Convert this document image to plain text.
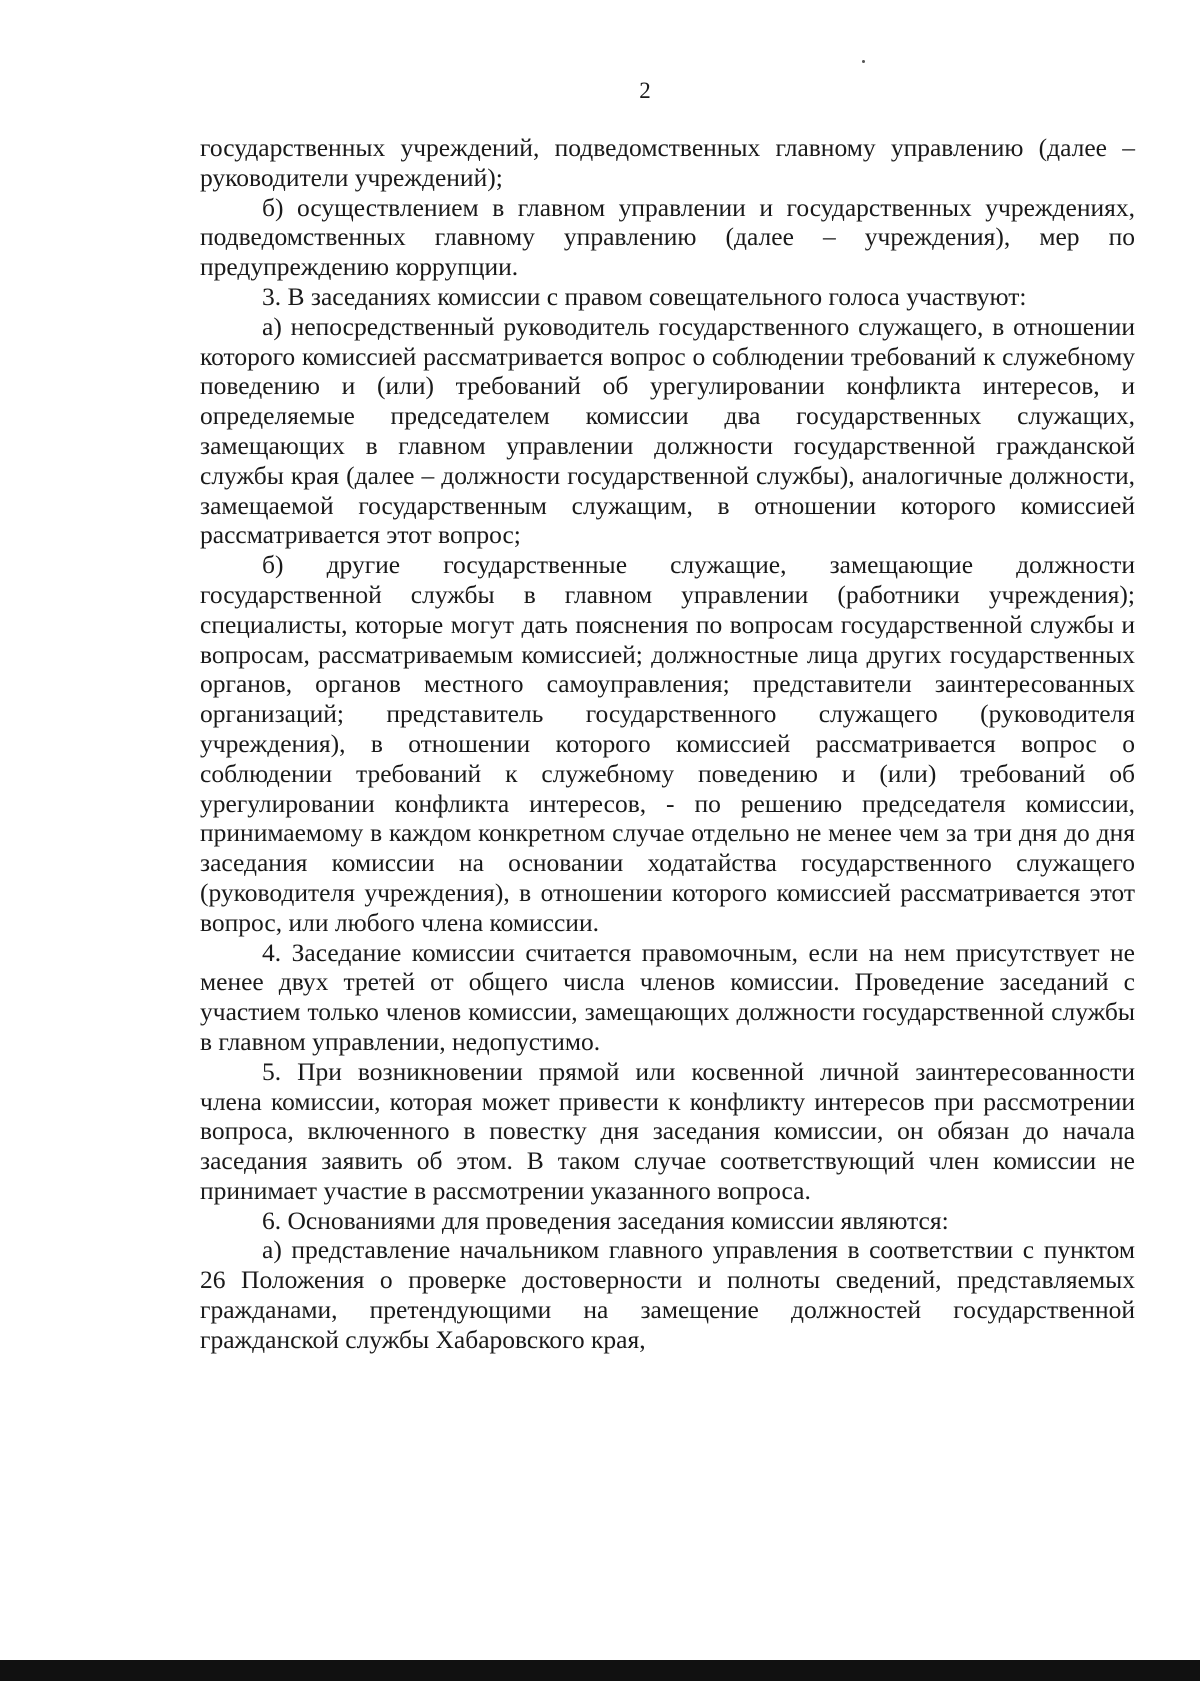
2

государственных учреждений, подведомственных главному управлению (далее – руководители учреждений);

б) осуществлением в главном управлении и государственных учреждениях, подведомственных главному управлению (далее – учреждения), мер по предупреждению коррупции.

3. В заседаниях комиссии с правом совещательного голоса участвуют:

а) непосредственный руководитель государственного служащего, в отношении которого комиссией рассматривается вопрос о соблюдении требований к служебному поведению и (или) требований об урегулировании конфликта интересов, и определяемые председателем комиссии два государственных служащих, замещающих в главном управлении должности государственной гражданской службы края (далее – должности государственной службы), аналогичные должности, замещаемой государственным служащим, в отношении которого комиссией рассматривается этот вопрос;

б) другие государственные служащие, замещающие должности государственной службы в главном управлении (работники учреждения); специалисты, которые могут дать пояснения по вопросам государственной службы и вопросам, рассматриваемым комиссией; должностные лица других государственных органов, органов местного самоуправления; представители заинтересованных организаций; представитель государственного служащего (руководителя учреждения), в отношении которого комиссией рассматривается вопрос о соблюдении требований к служебному поведению и (или) требований об урегулировании конфликта интересов, - по решению председателя комиссии, принимаемому в каждом конкретном случае отдельно не менее чем за три дня до дня заседания комиссии на основании ходатайства государственного служащего (руководителя учреждения), в отношении которого комиссией рассматривается этот вопрос, или любого члена комиссии.

4. Заседание комиссии считается правомочным, если на нем присутствует не менее двух третей от общего числа членов комиссии. Проведение заседаний с участием только членов комиссии, замещающих должности государственной службы в главном управлении, недопустимо.

5. При возникновении прямой или косвенной личной заинтересованности члена комиссии, которая может привести к конфликту интересов при рассмотрении вопроса, включенного в повестку дня заседания комиссии, он обязан до начала заседания заявить об этом. В таком случае соответствующий член комиссии не принимает участие в рассмотрении указанного вопроса.

6. Основаниями для проведения заседания комиссии являются:

а) представление начальником главного управления в соответствии с пунктом 26 Положения о проверке достоверности и полноты сведений, представляемых гражданами, претендующими на замещение должностей государственной гражданской службы Хабаровского края,
